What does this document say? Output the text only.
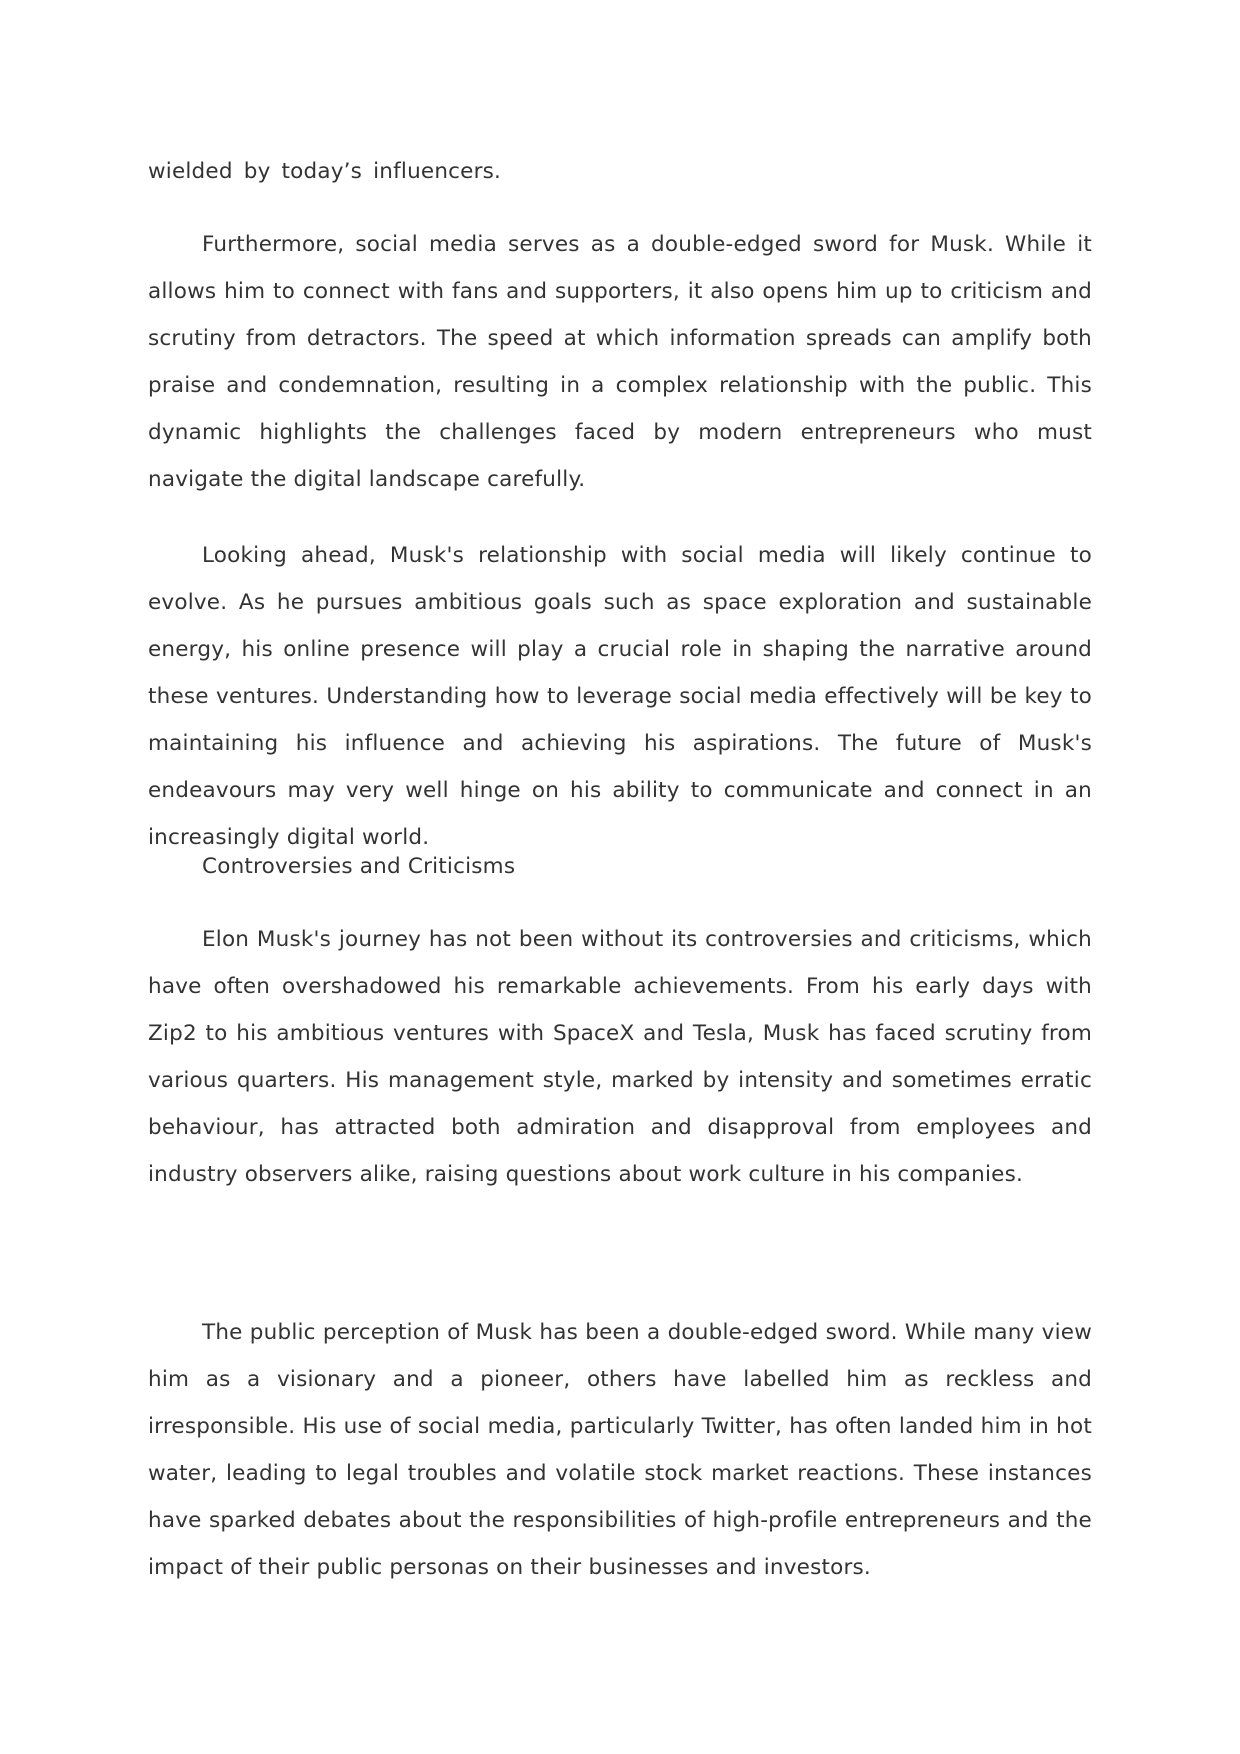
wielded by today’s influencers.

Furthermore, social media serves as a double-edged sword for Musk. While it allows him to connect with fans and supporters, it also opens him up to criticism and scrutiny from detractors. The speed at which information spreads can amplify both praise and condemnation, resulting in a complex relationship with the public. This dynamic highlights the challenges faced by modern entrepreneurs who must navigate the digital landscape carefully.

Looking ahead, Musk's relationship with social media will likely continue to evolve. As he pursues ambitious goals such as space exploration and sustainable energy, his online presence will play a crucial role in shaping the narrative around these ventures. Understanding how to leverage social media effectively will be key to maintaining his influence and achieving his aspirations. The future of Musk's endeavours may very well hinge on his ability to communicate and connect in an increasingly digital world.

Controversies and Criticisms

Elon Musk's journey has not been without its controversies and criticisms, which have often overshadowed his remarkable achievements. From his early days with Zip2 to his ambitious ventures with SpaceX and Tesla, Musk has faced scrutiny from various quarters. His management style, marked by intensity and sometimes erratic behaviour, has attracted both admiration and disapproval from employees and industry observers alike, raising questions about work culture in his companies.

The public perception of Musk has been a double-edged sword. While many view him as a visionary and a pioneer, others have labelled him as reckless and irresponsible. His use of social media, particularly Twitter, has often landed him in hot water, leading to legal troubles and volatile stock market reactions. These instances have sparked debates about the responsibilities of high-profile entrepreneurs and the impact of their public personas on their businesses and investors.
